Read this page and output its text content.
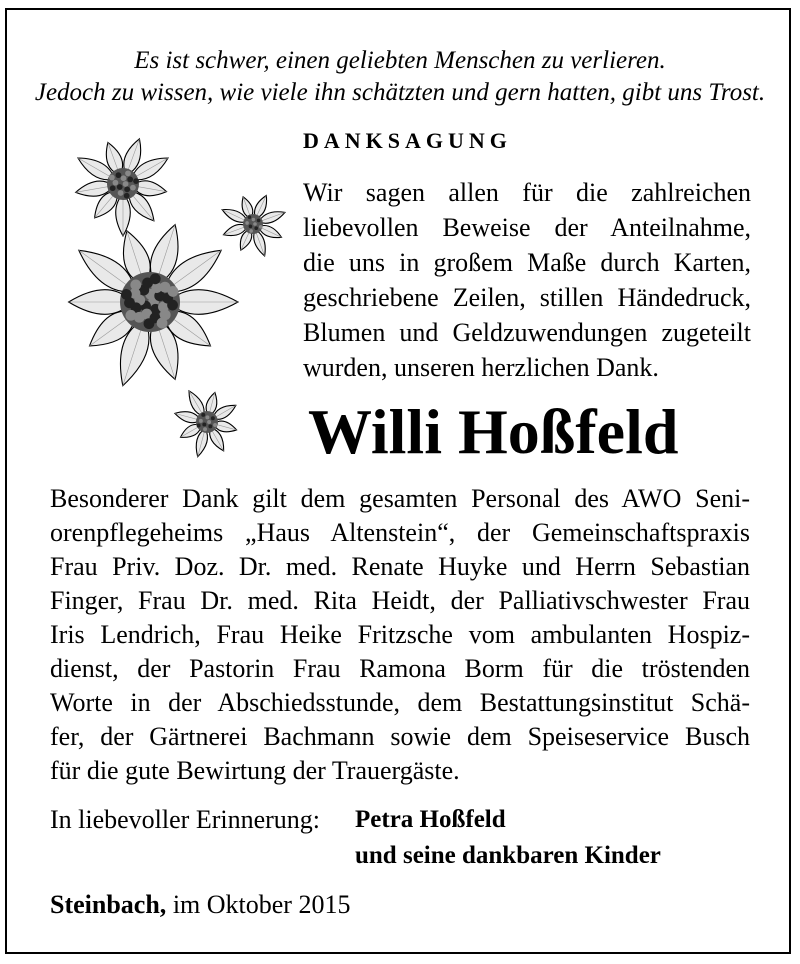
Es ist schwer, einen geliebten Menschen zu verlieren.
Jedoch zu wissen, wie viele ihn schätzten und gern hatten, gibt uns Trost.
DANKSAGUNG
Wir sagen allen für die zahlreichen
liebevollen Beweise der Anteilnahme,
die uns in großem Maße durch Karten,
geschriebene Zeilen, stillen Händedruck,
Blumen und Geldzuwendungen zugeteilt
wurden, unseren herzlichen Dank.
Willi Hoßfeld
Besonderer Dank gilt dem gesamten Personal des AWO Seni-
orenpflegeheims „Haus Altenstein“, der Gemeinschaftspraxis
Frau Priv. Doz. Dr. med. Renate Huyke und Herrn Sebastian
Finger, Frau Dr. med. Rita Heidt, der Palliativschwester Frau
Iris Lendrich, Frau Heike Fritzsche vom ambulanten Hospiz-
dienst, der Pastorin Frau Ramona Borm für die tröstenden
Worte in der Abschiedsstunde, dem Bestattungsinstitut Schä-
fer, der Gärtnerei Bachmann sowie dem Speiseservice Busch
für die gute Bewirtung der Trauergäste.
In liebevoller Erinnerung: Petra Hoßfeld
und seine dankbaren Kinder
Steinbach, im Oktober 2015
